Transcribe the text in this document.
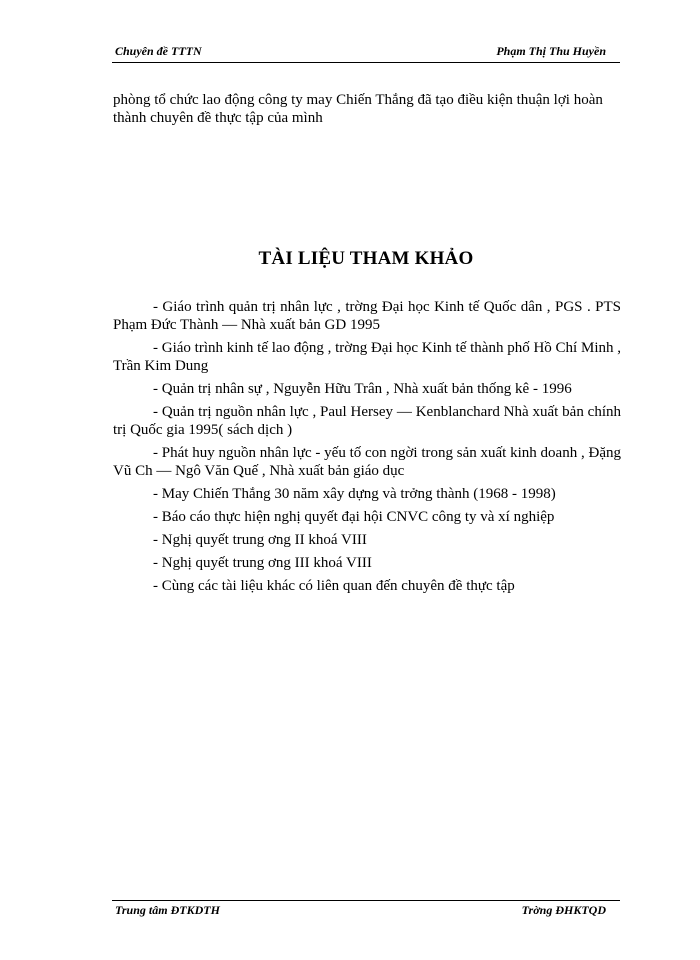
Chuyên đề TTTN	Phạm Thị Thu Huyền
phòng tổ chức lao động công ty may Chiến Thắng đã tạo điều kiện thuận lợi hoàn thành chuyên đề thực tập của mình
TÀI LIỆU THAM KHẢO
- Giáo trình quản trị nhân lực , trờng Đại học Kinh tế Quốc dân , PGS . PTS Phạm Đức Thành — Nhà xuất bản GD 1995
- Giáo trình kinh tế lao động , trờng Đại học Kinh tế thành phố Hồ Chí Minh , Trần Kim Dung
- Quản trị nhân sự , Nguyễn Hữu Trân , Nhà xuất bản thống kê - 1996
- Quản trị nguồn nhân lực , Paul Hersey — Kenblanchard Nhà xuất bản chính trị Quốc gia 1995( sách dịch )
- Phát huy nguồn nhân lực - yếu tố con ngời trong sản xuất kinh doanh , Đặng Vũ Ch — Ngô Văn Quế , Nhà xuất bản giáo dục
- May Chiến Thắng 30 năm xây dựng và trởng thành (1968 - 1998)
- Báo cáo thực hiện nghị quyết đại hội CNVC công ty và xí nghiệp
- Nghị quyết trung ơng II khoá VIII
- Nghị quyết trung ơng III khoá VIII
- Cùng các tài liệu khác có liên quan đến chuyên đề thực tập
Trung tâm ĐTKDTH	Trờng ĐHKTQD
